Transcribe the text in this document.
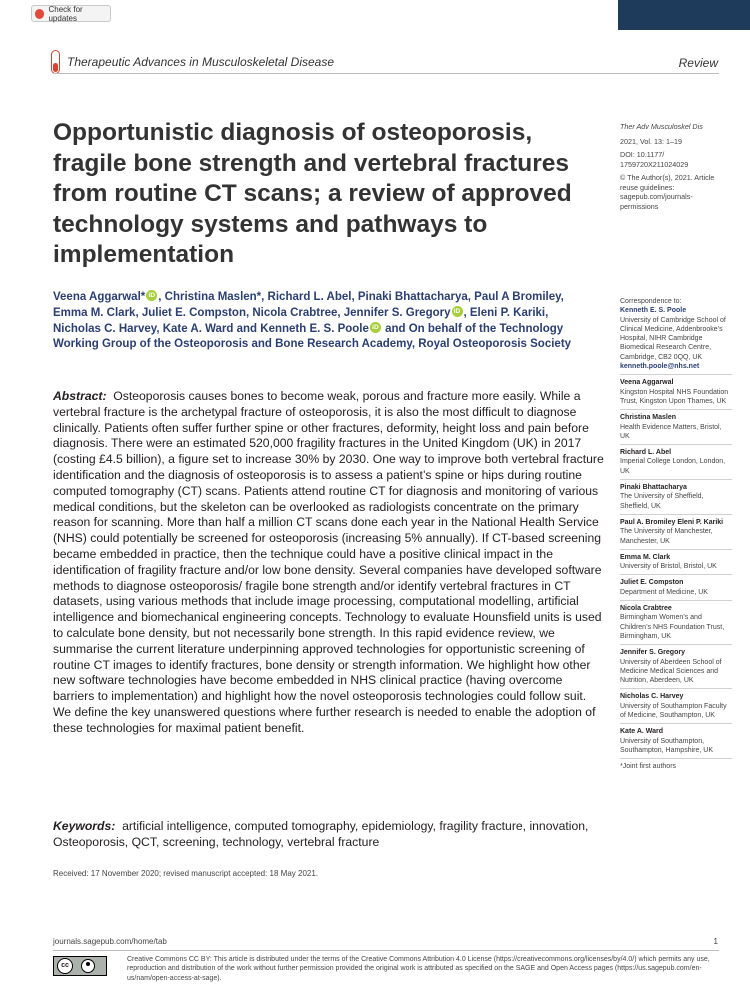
Check for updates
Therapeutic Advances in Musculoskeletal Disease	Review
Opportunistic diagnosis of osteoporosis, fragile bone strength and vertebral fractures from routine CT scans; a review of approved technology systems and pathways to implementation
Veena Aggarwal* iD , Christina Maslen*, Richard L. Abel, Pinaki Bhattacharya, Paul A Bromiley, Emma M. Clark, Juliet E. Compston, Nicola Crabtree, Jennifer S. Gregory iD , Eleni P. Kariki, Nicholas C. Harvey, Kate A. Ward and Kenneth E. S. Poole iD and On behalf of the Technology Working Group of the Osteoporosis and Bone Research Academy, Royal Osteoporosis Society
Abstract: Osteoporosis causes bones to become weak, porous and fracture more easily. While a vertebral fracture is the archetypal fracture of osteoporosis, it is also the most difficult to diagnose clinically. Patients often suffer further spine or other fractures, deformity, height loss and pain before diagnosis. There were an estimated 520,000 fragility fractures in the United Kingdom (UK) in 2017 (costing £4.5 billion), a figure set to increase 30% by 2030. One way to improve both vertebral fracture identification and the diagnosis of osteoporosis is to assess a patient’s spine or hips during routine computed tomography (CT) scans. Patients attend routine CT for diagnosis and monitoring of various medical conditions, but the skeleton can be overlooked as radiologists concentrate on the primary reason for scanning. More than half a million CT scans done each year in the National Health Service (NHS) could potentially be screened for osteoporosis (increasing 5% annually). If CT-based screening became embedded in practice, then the technique could have a positive clinical impact in the identification of fragility fracture and/or low bone density. Several companies have developed software methods to diagnose osteoporosis/ fragile bone strength and/or identify vertebral fractures in CT datasets, using various methods that include image processing, computational modelling, artificial intelligence and biomechanical engineering concepts. Technology to evaluate Hounsfield units is used to calculate bone density, but not necessarily bone strength. In this rapid evidence review, we summarise the current literature underpinning approved technologies for opportunistic screening of routine CT images to identify fractures, bone density or strength information. We highlight how other new software technologies have become embedded in NHS clinical practice (having overcome barriers to implementation) and highlight how the novel osteoporosis technologies could follow suit. We define the key unanswered questions where further research is needed to enable the adoption of these technologies for maximal patient benefit.
Keywords: artificial intelligence, computed tomography, epidemiology, fragility fracture, innovation, Osteoporosis, QCT, screening, technology, vertebral fracture
Received: 17 November 2020; revised manuscript accepted: 18 May 2021.
Ther Adv Musculoskel Dis
2021, Vol. 13: 1–19
DOI: 10.1177/ 1759720X211024029
© The Author(s), 2021. Article reuse guidelines: sagepub.com/journals-permissions
Correspondence to:
Kenneth E. S. Poole
University of Cambridge School of Clinical Medicine, Addenbrooke’s Hospital, NIHR Cambridge Biomedical Research Centre, Cambridge, CB2 0QQ, UK
kenneth.poole@nhs.net
Veena Aggarwal
Kingston Hospital NHS Foundation Trust, Kingston Upon Thames, UK
Christina Maslen
Health Evidence Matters, Bristol, UK
Richard L. Abel
Imperial College London, London, UK
Pinaki Bhattacharya
The University of Sheffield, Sheffield, UK
Paul A. Bromiley Eleni P. Kariki
The University of Manchester, Manchester, UK
Emma M. Clark
University of Bristol, Bristol, UK
Juliet E. Compston
Department of Medicine, UK
Nicola Crabtree
Birmingham Women’s and Children’s NHS Foundation Trust, Birmingham, UK
Jennifer S. Gregory
University of Aberdeen School of Medicine Medical Sciences and Nutrition, Aberdeen, UK
Nicholas C. Harvey
University of Southampton Faculty of Medicine, Southampton, UK
Kate A. Ward
University of Southampton, Southampton, Hampshire, UK
*Joint first authors
journals.sagepub.com/home/tab	1
cc
Creative Commons CC BY: This article is distributed under the terms of the Creative Commons Attribution 4.0 License (https://creativecommons.org/licenses/by/4.0/) which permits any use, reproduction and distribution of the work without further permission provided the original work is attributed as specified on the SAGE and Open Access pages (https://us.sagepub.com/en-us/nam/open-access-at-sage).
